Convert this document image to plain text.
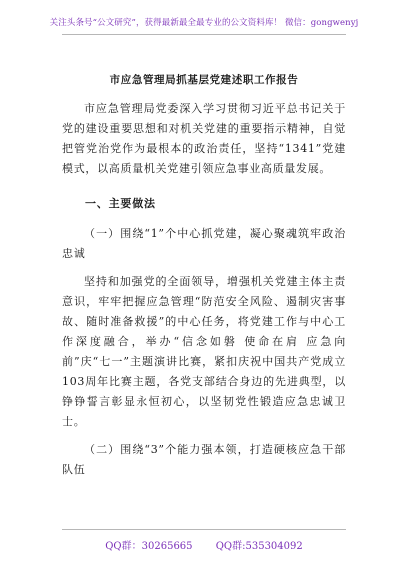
关注头条号“公文研究”，获得最新最全最专业的公文资料库！ 微信：gongwenyj
市应急管理局抓基层党建述职工作报告
市应急管理局党委深入学习贯彻习近平总书记关于党的建设重要思想和对机关党建的重要指示精神，自觉把管党治党作为最根本的政治责任，坚持“1341”党建模式，以高质量机关党建引领应急事业高质量发展。
一、主要做法
（一）围绕“1”个中心抓党建，凝心聚魂筑牢政治忠诚
坚持和加强党的全面领导，增强机关党建主体主责意识，牢牢把握应急管理“防范安全风险、遏制灾害事故、随时准备救援”的中心任务，将党建工作与中心工作深度融合，举办“信念如磐 使命在肩 应急向前”庆“七一”主题演讲比赛，紧扣庆祝中国共产党成立103周年比赛主题，各党支部结合身边的先进典型，以铮铮誓言彰显永恒初心，以坚韧党性锻造应急忠诚卫士。
（二）围绕“3”个能力强本领，打造硬核应急干部队伍
QQ群：30265665 QQ群:535304092
